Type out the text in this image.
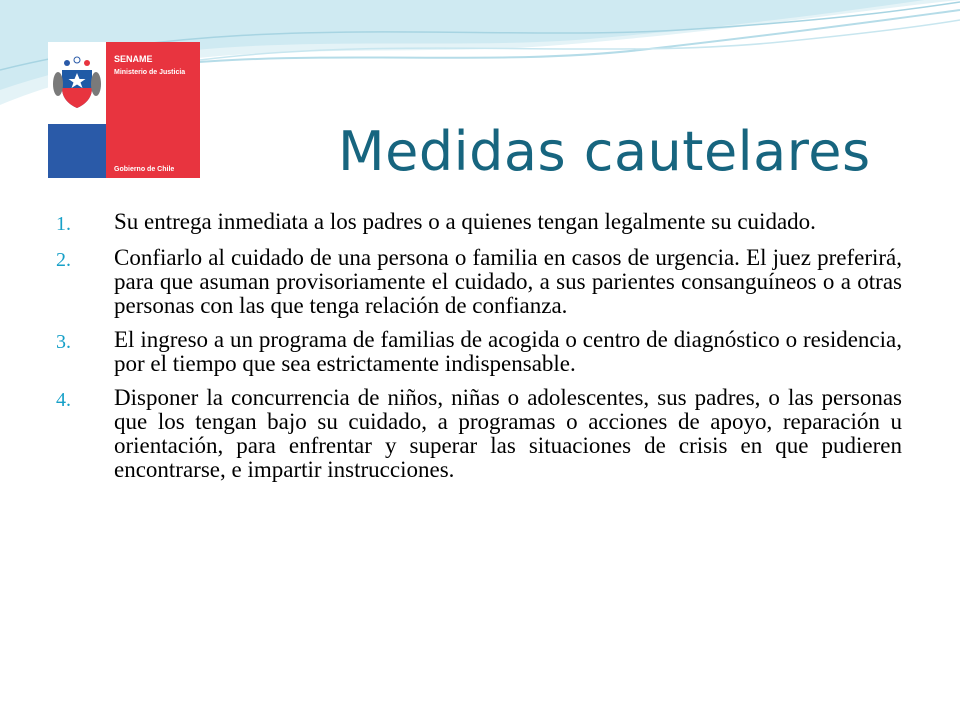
SENAME
Ministerio de Justicia
Gobierno de Chile	Medidas cautelares
1.	Su entrega inmediata a los padres o a quienes tengan legalmente su cuidado.
2.	Confiarlo al cuidado de una persona o familia en casos de urgencia. El juez preferirá, para que asuman provisoriamente el cuidado, a sus parientes consanguíneos o a otras personas con las que tenga relación de confianza.
3.	El ingreso a un programa de familias de acogida o centro de diagnóstico o residencia, por el tiempo que sea estrictamente indispensable.
4.	Disponer la concurrencia de niños, niñas o adolescentes, sus padres, o las personas que los tengan bajo su cuidado, a programas o acciones de apoyo, reparación u orientación, para enfrentar y superar las situaciones de crisis en que pudieren encontrarse, e impartir instrucciones.
